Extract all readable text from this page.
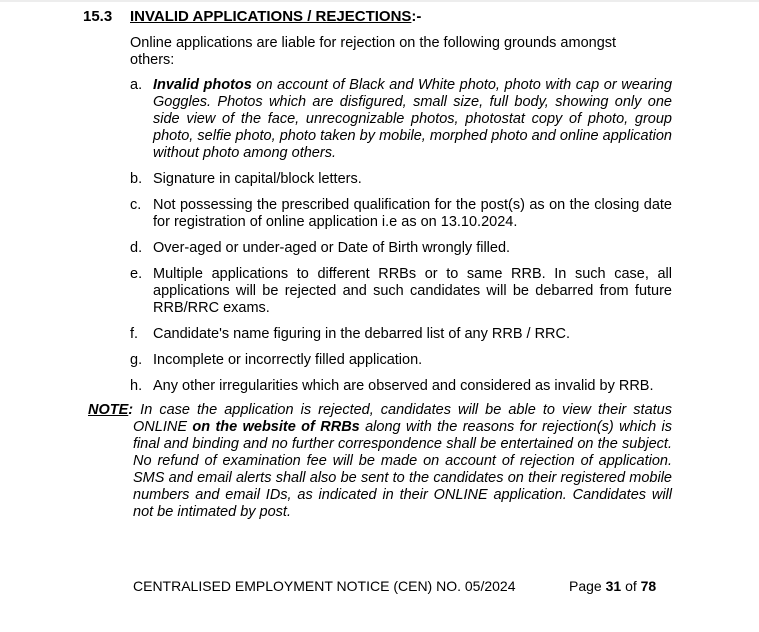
15.3 INVALID APPLICATIONS / REJECTIONS:-
Online applications are liable for rejection on the following grounds amongst others:
a. Invalid photos on account of Black and White photo, photo with cap or wearing Goggles. Photos which are disfigured, small size, full body, showing only one side view of the face, unrecognizable photos, photostat copy of photo, group photo, selfie photo, photo taken by mobile, morphed photo and online application without photo among others.
b. Signature in capital/block letters.
c. Not possessing the prescribed qualification for the post(s) as on the closing date for registration of online application i.e as on 13.10.2024.
d. Over-aged or under-aged or Date of Birth wrongly filled.
e. Multiple applications to different RRBs or to same RRB. In such case, all applications will be rejected and such candidates will be debarred from future RRB/RRC exams.
f.	Candidate's name figuring in the debarred list of any RRB / RRC.
g. Incomplete or incorrectly filled application.
h. Any other irregularities which are observed and considered as invalid by RRB.
NOTE: In case the application is rejected, candidates will be able to view their status ONLINE on the website of RRBs along with the reasons for rejection(s) which is final and binding and no further correspondence shall be entertained on the subject. No refund of examination fee will be made on account of rejection of application. SMS and email alerts shall also be sent to the candidates on their registered mobile numbers and email IDs, as indicated in their ONLINE application. Candidates will not be intimated by post.
CENTRALISED EMPLOYMENT NOTICE (CEN) NO. 05/2024	Page 31 of 78
